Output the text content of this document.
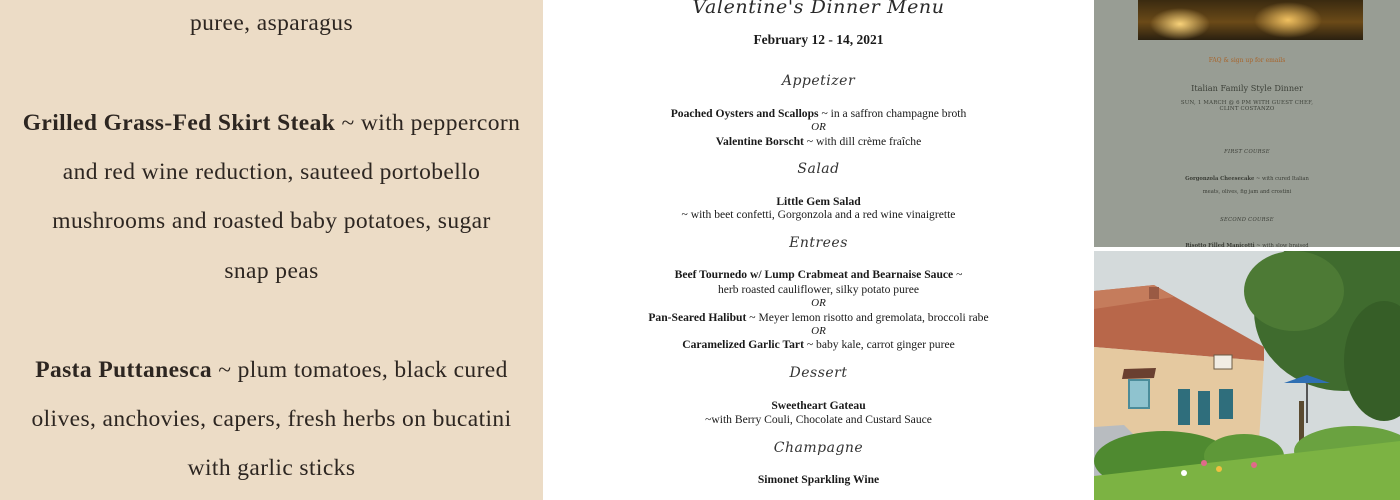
puree, asparagus
Grilled Grass-Fed Skirt Steak ~ with peppercorn
and red wine reduction, sauteed portobello
mushrooms and roasted baby potatoes, sugar
snap peas
Pasta Puttanesca ~ plum tomatoes, black cured
olives, anchovies, capers, fresh herbs on bucatini
with garlic sticks
Valentine's Dinner Menu
February 12 - 14, 2021
Appetizer
Poached Oysters and Scallops ~ in a saffron champagne broth
OR
Valentine Borscht ~ with dill crème fraîche
Salad
Little Gem Salad
~ with beet confetti, Gorgonzola and a red wine vinaigrette
Entrees
Beef Tournedo w/ Lump Crabmeat and Bearnaise Sauce ~
herb roasted cauliflower, silky potato puree
OR
Pan-Seared Halibut ~ Meyer lemon risotto and gremolata, broccoli rabe
OR
Caramelized Garlic Tart ~ baby kale, carrot ginger puree
Dessert
Sweetheart Gateau
~with Berry Couli, Chocolate and Custard Sauce
Champagne
Simonet Sparkling Wine
FAQ & sign up for emails
Italian Family Style Dinner
SUN, 1 MARCH @ 6 PM WITH GUEST CHEF,
CLINT COSTANZO
FIRST COURSE
Gorgonzola Cheesecake ~ with cured Italian
meats, olives, fig jam and crostini
SECOND COURSE
Risotto Filled Manicotti ~ with slow braised
